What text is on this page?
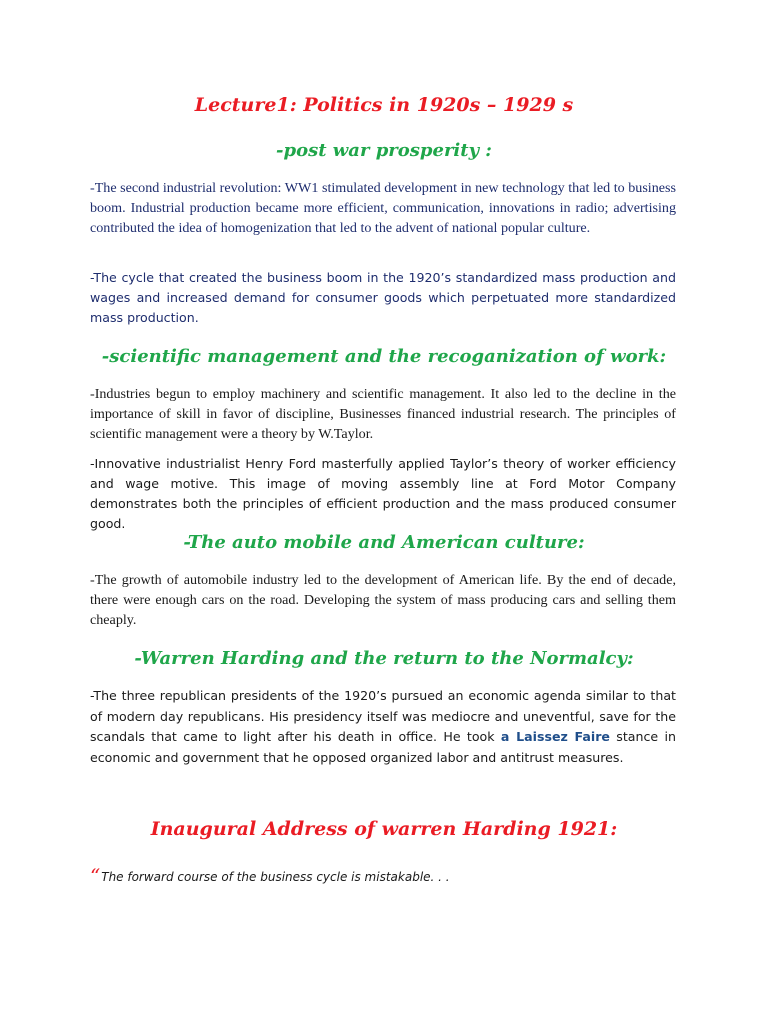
Lecture1: Politics in 1920s – 1929 s
-post war prosperity :

-The second industrial revolution: WW1 stimulated development in new technology that led to business boom. Industrial production became more efficient, communication, innovations in radio; advertising contributed the idea of homogenization that led to the advent of national popular culture.

-The cycle that created the business boom in the 1920’s standardized mass production and wages and increased demand for consumer goods which perpetuated more standardized mass production.

-scientific management and the recoganization of work:

-Industries begun to employ machinery and scientific management. It also led to the decline in the importance of skill in favor of discipline, Businesses financed industrial research. The principles of scientific management were a theory by W.Taylor.

-Innovative industrialist Henry Ford masterfully applied Taylor’s theory of worker efficiency and wage motive. This image of moving assembly line at Ford Motor Company demonstrates both the principles of efficient production and the mass produced consumer good.

-The auto mobile and American culture:

-The growth of automobile industry led to the development of American life. By the end of decade, there were enough cars on the road. Developing the system of mass producing cars and selling them cheaply.

-Warren Harding and the return to the Normalcy:

-The three republican presidents of the 1920’s pursued an economic agenda similar to that of modern day republicans. His presidency itself was mediocre and uneventful, save for the scandals that came to light after his death in office. He took a Laissez Faire stance in economic and government that he opposed organized labor and antitrust measures.

Inaugural Address of warren Harding 1921:

“The forward course of the business cycle is mistakable. . .
